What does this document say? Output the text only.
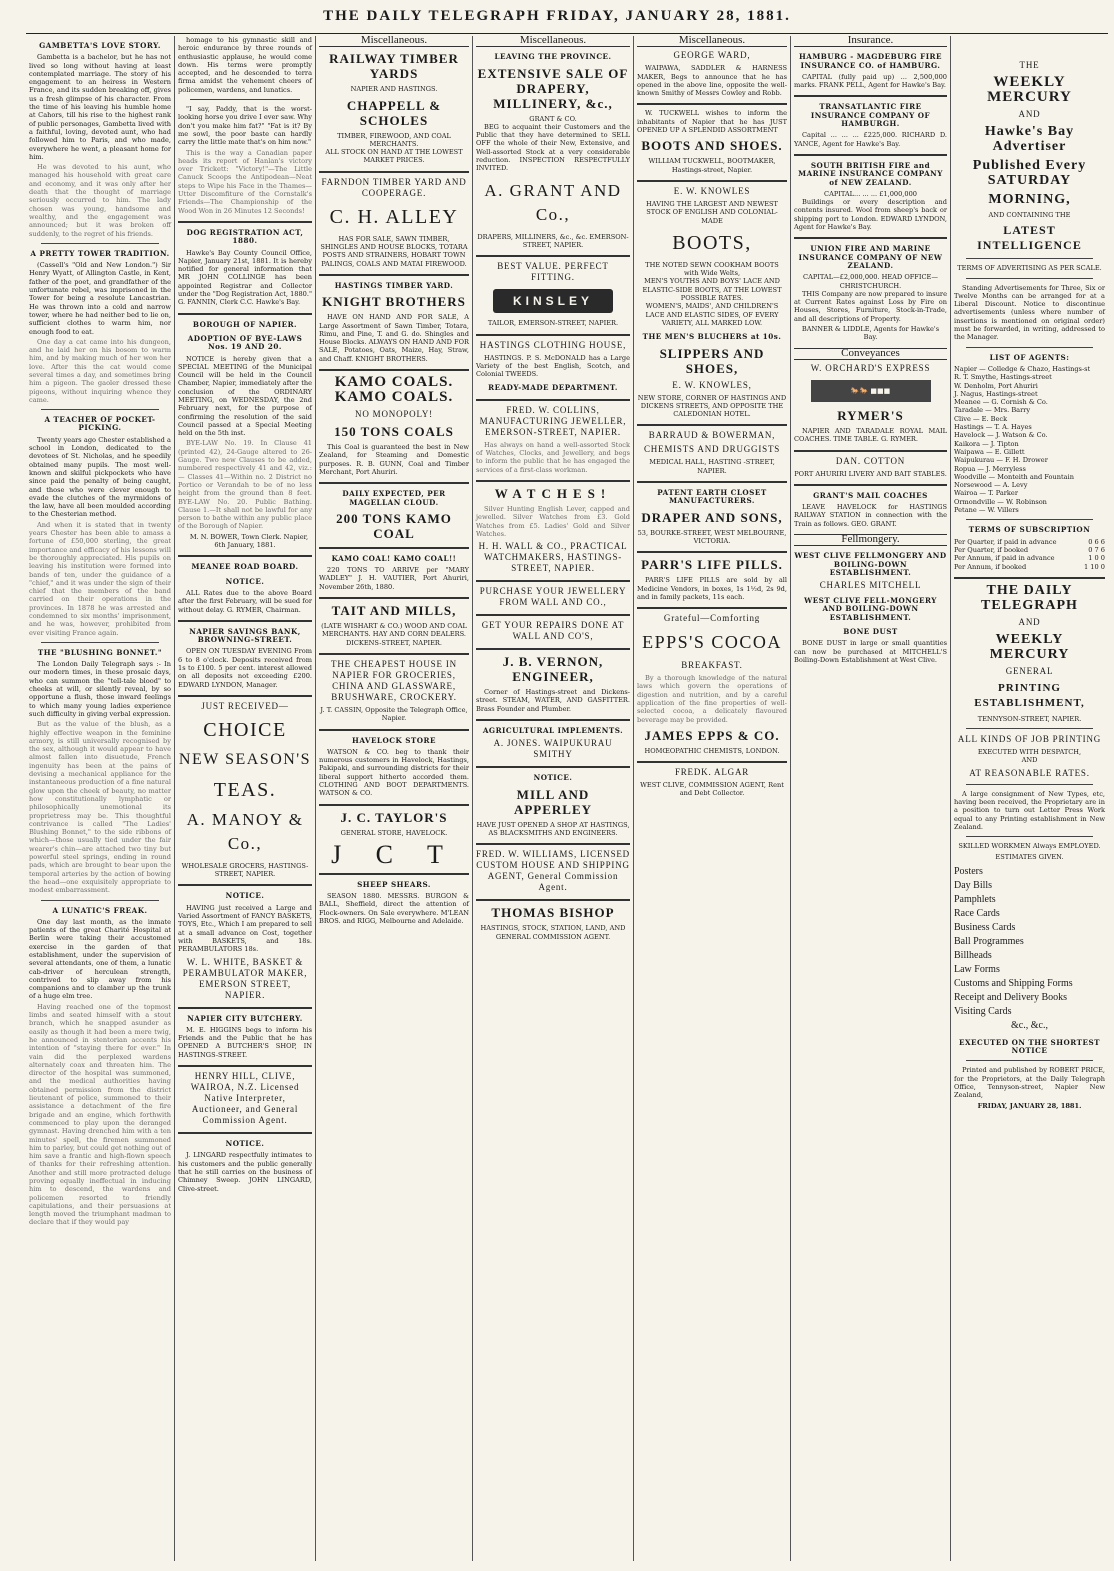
THE DAILY TELEGRAPH FRIDAY, JANUARY 28, 1881.
GAMBETTA'S LOVE STORY.

Gambetta is a bachelor, but he has not lived so long without having at least contemplated marriage. The story of his engagement to an heiress in Western France, and its sudden breaking off, gives us a fresh glimpse of his character. From the time of his leaving his humble home at Cahors, till his rise to the highest rank of public personages, Gambetta lived with a faithful, loving, devoted aunt, who had followed him to Paris, and who made, everywhere he went, a pleasant home for him.

He was devoted to his aunt, who managed his household with great care and economy, and it was only after her death that the thought of marriage seriously occurred to him. The lady chosen was young, handsome and wealthy, and the engagement was announced; but it was broken off suddenly, to the regret of his friends.

A PRETTY TOWER TRADITION.

(Cassell's "Old and New London.") Sir Henry Wyatt, of Allington Castle, in Kent, father of the poet, and grandfather of the unfortunate rebel, was imprisoned in the Tower for being a resolute Lancastrian. He was thrown into a cold and narrow tower, where he had neither bed to lie on, sufficient clothes to warm him, nor enough food to eat.

One day a cat came into his dungeon, and he laid her on his bosom to warm him, and by making much of her won her love. After this the cat would come several times a day, and sometimes bring him a pigeon. The gaoler dressed these pigeons, without inquiring whence they came.

A TEACHER OF POCKET-PICKING.

Twenty years ago Chester established a school in London, dedicated to the devotees of St. Nicholas, and he speedily obtained many pupils. The most well-known and skilful pickpockets who have since paid the penalty of being caught, and those who were clever enough to evade the clutches of the myrmidons of the law, have all been moulded according to the Chesterian method.

And when it is stated that in twenty years Chester has been able to amass a fortune of £50,000 sterling, the great importance and efficacy of his lessons will be thoroughly appreciated. His pupils on leaving his institution were formed into bands of ten, under the guidance of a "chief," and it was under the sign of their chief that the members of the band carried on their operations in the provinces. In 1878 he was arrested and condemned to six months' imprisonment, and he was, however, prohibited from ever visiting France again.

THE "BLUSHING BONNET."

The London Daily Telegraph says :- In our modern times, in these prosaic days, who can summon the "tell-tale blood" to cheeks at will, or silently reveal, by so opportune a flush, those inward feelings to which many young ladies experience such difficulty in giving verbal expression.

But as the value of the blush, as a highly effective weapon in the feminine armory, is still universally recognised by the sex, although it would appear to have almost fallen into disuetude, French ingenuity has been at the pains of devising a mechanical appliance for the instantaneous production of a fine natural glow upon the cheek of beauty, no matter how constitutionally lymphatic or philosophically unemotional its proprietress may be. This thoughtful contrivance is called "The Ladies' Blushing Bonnet," to the side ribbons of which—those usually tied under the fair wearer's chin—are attached two tiny but powerful steel springs, ending in round pads, which are brought to bear upon the temporal arteries by the action of bowing the head—one exquisitely appropriate to modest embarrassment.

A LUNATIC'S FREAK.

One day last month, as the inmate patients of the great Charité Hospital at Berlin were taking their accustomed exercise in the garden of that establishment, under the supervision of several attendants, one of them, a lunatic cab-driver of herculean strength, contrived to slip away from his companions and to clamber up the trunk of a huge elm tree.

Having reached one of the topmost limbs and seated himself with a stout branch, which he snapped asunder as easily as though it had been a mere twig, he announced in stentorian accents his intention of "staying there for ever." In vain did the perplexed wardens alternately coax and threaten him. The director of the hospital was summoned, and the medical authorities having obtained permission from the district lieutenant of police, summoned to their assistance a detachment of the fire brigade and an engine, which forthwith commenced to play upon the deranged gymnast. Having drenched him with a ten minutes' spell, the firemen summoned him to parley, but could get nothing out of him save a frantic and high-flown speech of thanks for their refreshing attention. Another and still more protracted deluge proving equally ineffectual in inducing him to descend, the wardens and policemen resorted to friendly capitulations, and their persuasions at length moved the triumphant madman to declare that if they would pay

homage to his gymnastic skill and heroic endurance by three rounds of enthusiastic applause, he would come down. His terms were promptly accepted, and he descended to terra firma amidst the vehement cheers of policemen, wardens, and lunatics.

"I say, Paddy, that is the worst-looking horse you drive I ever saw. Why don't you make him fat?" "Fat is it? By me sowl, the poor baste can hardly carry the little mate that's on him now."

This is the way a Canadian paper heads its report of Hanlan's victory over Trickett: "Victory!"—The Little Canuck Scoops the Antipodean—Neat steps to Wipe his Face in the Thames—Utter Discomfiture of the Cornstalk's Friends—The Championship of the Wood Won in 26 Minutes 12 Seconds!

DOG REGISTRATION ACT, 1880.

Hawke's Bay County Council Office, Napier, January 21st, 1881. It is hereby notified for general information that MR JOHN COLLINGE has been appointed Registrar and Collector under the "Dog Registration Act, 1880." G. FANNIN, Clerk C.C. Hawke's Bay.

BOROUGH OF NAPIER.
ADOPTION OF BYE-LAWS Nos. 19 AND 20.

NOTICE is hereby given that a SPECIAL MEETING of the Municipal Council will be held in the Council Chamber, Napier, immediately after the conclusion of the ORDINARY MEETING, on WEDNESDAY, the 2nd February next, for the purpose of confirming the resolution of the said Council passed at a Special Meeting held on the 5th inst.

BYE-LAW No. 19. In Clause 41 (printed 42), 24-Gauge altered to 26-Gauge. Two new Clauses to be added, numbered respectively 41 and 42, viz.:— Classes 41—Within no. 2 District no Portico or Verandah to be of no less height from the ground than 8 feet. BYE-LAW No. 20. Public Bathing. Clause 1.—It shall not be lawful for any person to bathe within any public place of the Borough of Napier.

M. N. BOWER, Town Clerk. Napier, 6th January, 1881.

MEANEE ROAD BOARD.
NOTICE.

ALL Rates due to the above Board after the first February, will be sued for without delay. G. RYMER, Chairman.

NAPIER SAVINGS BANK, BROWNING-STREET.

OPEN ON TUESDAY EVENING From 6 to 8 o'clock. Deposits received from 1s to £100. 5 per cent. interest allowed on all deposits not exceeding £200. EDWARD LYNDON, Manager.

JUST RECEIVED—
CHOICE
NEW SEASON'S
TEAS.
A. MANOY & Co.,
WHOLESALE GROCERS, HASTINGS-STREET, NAPIER.
NOTICE.

HAVING just received a Large and Varied Assortment of FANCY BASKETS, TOYS, Etc., Which I am prepared to sell at a small advance on Cost, together with BASKETS, and 18s. PERAMBULATORS 18s.

W. L. WHITE, BASKET & PERAMBULATOR MAKER, EMERSON STREET, NAPIER.
NAPIER CITY BUTCHERY.

M. E. HIGGINS begs to inform his Friends and the Public that he has OPENED A BUTCHER'S SHOP, IN HASTINGS-STREET.

HENRY HILL, CLIVE, WAIROA, N.Z. Licensed Native Interpreter, Auctioneer, and General Commission Agent.
NOTICE.

J. LINGARD respectfully intimates to his customers and the public generally that he still carries on the business of Chimney Sweep. JOHN LINGARD, Clive-street.

Miscellaneous.
RAILWAY TIMBER YARDS
NAPIER AND HASTINGS.
CHAPPELL & SCHOLES
TIMBER, FIREWOOD, AND COAL MERCHANTS.
ALL STOCK ON HAND AT THE LOWEST MARKET PRICES.
FARNDON TIMBER YARD AND COOPERAGE.
C. H. ALLEY
HAS FOR SALE, SAWN TIMBER, SHINGLES AND HOUSE BLOCKS, TOTARA POSTS AND STRAINERS, HOBART TOWN PALINGS, COALS AND MATAI FIREWOOD.
HASTINGS TIMBER YARD.
KNIGHT BROTHERS

HAVE ON HAND AND FOR SALE, A Large Assortment of Sawn Timber, Totara, Rimu, and Pine, T. and G. do. Shingles and House Blocks. ALWAYS ON HAND AND FOR SALE, Potatoes, Oats, Maize, Hay, Straw, and Chaff. KNIGHT BROTHERS.

KAMO COALS. KAMO COALS.
NO MONOPOLY!
150 TONS COALS

This Coal is guaranteed the best in New Zealand, for Steaming and Domestic purposes. R. B. GUNN, Coal and Timber Merchant, Port Ahuriri.

DAILY EXPECTED, PER MAGELLAN CLOUD.
200 TONS KAMO COAL
KAMO COAL! KAMO COAL!!

220 TONS TO ARRIVE per "MARY WADLEY" J. H. VAUTIER, Port Ahuriri, November 26th, 1880.

TAIT AND MILLS,
(LATE WISHART & CO.) WOOD AND COAL MERCHANTS. HAY AND CORN DEALERS. DICKENS-STREET, NAPIER.
THE CHEAPEST HOUSE IN NAPIER FOR GROCERIES, CHINA AND GLASSWARE, BRUSHWARE, CROCKERY.
J. T. CASSIN, Opposite the Telegraph Office, Napier.
HAVELOCK STORE

WATSON & CO. beg to thank their numerous customers in Havelock, Hastings, Pakipaki, and surrounding districts for their liberal support hitherto accorded them. CLOTHING AND BOOT DEPARTMENTS. WATSON & CO.

J. C. TAYLOR'S
GENERAL STORE, HAVELOCK.
J C T
SHEEP SHEARS.

SEASON 1880. MESSRS. BURGON & BALL, Sheffield, direct the attention of Flock-owners. On Sale everywhere. M'LEAN BROS. and RIGG, Melbourne and Adelaide.

Miscellaneous.
LEAVING THE PROVINCE.
EXTENSIVE SALE OF DRAPERY, MILLINERY, &c.,
GRANT & CO.

BEG to acquaint their Customers and the Public that they have determined to SELL OFF the whole of their New, Extensive, and Well-assorted Stock at a very considerable reduction. INSPECTION RESPECTFULLY INVITED.

A. GRANT AND Co.,
DRAPERS, MILLINERS, &c., &c. EMERSON-STREET, NAPIER.
BEST VALUE. PERFECT FITTING.
KINSLEY
TAILOR, EMERSON-STREET, NAPIER.
HASTINGS CLOTHING HOUSE,

HASTINGS. P. S. McDONALD has a Large Variety of the best English, Scotch, and Colonial TWEEDS.

READY-MADE DEPARTMENT.
FRED. W. COLLINS, MANUFACTURING JEWELLER, EMERSON-STREET, NAPIER.

Has always on hand a well-assorted Stock of Watches, Clocks, and Jewellery, and begs to inform the public that he has engaged the services of a first-class workman.

WATCHES!

Silver Hunting English Lever, capped and jewelled. Silver Watches from £3. Gold Watches from £5. Ladies' Gold and Silver Watches.

H. H. WALL & CO., PRACTICAL WATCHMAKERS, HASTINGS-STREET, NAPIER.
PURCHASE YOUR JEWELLERY FROM WALL AND CO.,
GET YOUR REPAIRS DONE AT WALL AND CO'S,
J. B. VERNON, ENGINEER,

Corner of Hastings-street and Dickens-street. STEAM, WATER, AND GASFITTER. Brass Founder and Plumber.

AGRICULTURAL IMPLEMENTS.
A. JONES. WAIPUKURAU SMITHY
NOTICE.
MILL AND APPERLEY
HAVE JUST OPENED A SHOP AT HASTINGS, AS BLACKSMITHS AND ENGINEERS.
FRED. W. WILLIAMS, LICENSED CUSTOM HOUSE AND SHIPPING AGENT, General Commission Agent.
THOMAS BISHOP
HASTINGS, STOCK, STATION, LAND, AND GENERAL COMMISSION AGENT.
Miscellaneous.
GEORGE WARD,

WAIPAWA, SADDLER & HARNESS MAKER, Begs to announce that he has opened in the above line, opposite the well-known Smithy of Messrs Cowley and Robb.

W. TUCKWELL wishes to inform the inhabitants of Napier that he has JUST OPENED UP A SPLENDID ASSORTMENT

BOOTS AND SHOES.
WILLIAM TUCKWELL, BOOTMAKER, Hastings-street, Napier.
E. W. KNOWLES
HAVING THE LARGEST AND NEWEST STOCK OF ENGLISH AND COLONIAL-MADE
BOOTS,
THE NOTED SEWN COOKHAM BOOTS with Wide Welts,
MEN'S YOUTHS AND BOYS' LACE AND ELASTIC-SIDE BOOTS, AT THE LOWEST POSSIBLE RATES.
WOMEN'S, MAIDS', AND CHILDREN'S LACE AND ELASTIC SIDES, OF EVERY VARIETY, ALL MARKED LOW.
THE MEN'S BLUCHERS at 10s.
SLIPPERS AND SHOES,
E. W. KNOWLES,
NEW STORE, CORNER OF HASTINGS AND DICKENS STREETS, AND OPPOSITE THE CALEDONIAN HOTEL.
BARRAUD & BOWERMAN,
CHEMISTS AND DRUGGISTS
MEDICAL HALL, HASTING -STREET, NAPIER.
PATENT EARTH CLOSET MANUFACTURERS.
DRAPER AND SONS,
53, BOURKE-STREET, WEST MELBOURNE, VICTORIA.
PARR'S LIFE PILLS.

PARR'S LIFE PILLS are sold by all Medicine Vendors, in boxes, 1s 1½d, 2s 9d, and in family packets, 11s each.

Grateful—Comforting
EPPS'S COCOA
BREAKFAST.

By a thorough knowledge of the natural laws which govern the operations of digestion and nutrition, and by a careful application of the fine properties of well-selected cocoa, a delicately flavoured beverage may be provided.

JAMES EPPS & CO.
HOMŒOPATHIC CHEMISTS, LONDON.
FREDK. ALGAR
WEST CLIVE, COMMISSION AGENT, Rent and Debt Collector.
Insurance.
HAMBURG - MAGDEBURG FIRE INSURANCE CO. of HAMBURG.

CAPITAL (fully paid up) ... 2,500,000 marks. FRANK PELL, Agent for Hawke's Bay.

TRANSATLANTIC FIRE INSURANCE COMPANY OF HAMBURGH.

Capital ... ... ... £225,000. RICHARD D. YANCE, Agent for Hawke's Bay.

SOUTH BRITISH FIRE and MARINE INSURANCE COMPANY of NEW ZEALAND.
CAPITAL... ... ... £1,000,000

Buildings or every description and contents insured. Wool from sheep's back or shipping port to London. EDWARD LYNDON, Agent for Hawke's Bay.

UNION FIRE AND MARINE INSURANCE COMPANY OF NEW ZEALAND.
CAPITAL—£2,000,000. HEAD OFFICE—CHRISTCHURCH.

THIS Company are now prepared to insure at Current Rates against Loss by Fire on Houses, Stores, Furniture, Stock-in-Trade, and all descriptions of Property.

BANNER & LIDDLE, Agents for Hawke's Bay.
Conveyances
W. ORCHARD'S EXPRESS
🐎🐎 ■■■
RYMER'S

NAPIER AND TARADALE ROYAL MAIL COACHES. TIME TABLE. G. RYMER.

DAN. COTTON
PORT AHURIRI LIVERY AND BAIT STABLES.
GRANT'S MAIL COACHES

LEAVE HAVELOCK for HASTINGS RAILWAY STATION in connection with the Train as follows. GEO. GRANT.

Fellmongery.
WEST CLIVE FELLMONGERY AND BOILING-DOWN ESTABLISHMENT.
CHARLES MITCHELL
WEST CLIVE FELL-MONGERY AND BOILING-DOWN ESTABLISHMENT.
BONE DUST

BONE DUST in large or small quantities can now be purchased at MITCHELL'S Boiling-Down Establishment at West Clive.

THE
WEEKLY MERCURY
AND
Hawke's Bay Advertiser
Published Every SATURDAY
MORNING,
AND CONTAINING THE
LATEST INTELLIGENCE
TERMS OF ADVERTISING AS PER SCALE.

Standing Advertisements for Three, Six or Twelve Months can be arranged for at a Liberal Discount. Notice to discontinue advertisements (unless where number of insertions is mentioned on original order) must be forwarded, in writing, addressed to the Manager.

LIST OF AGENTS:
Napier — Colledge & Chazo, Hastings-st
R. T. Smythe, Hastings-street
W. Denholm, Port Ahuriri
J. Nagus, Hastings-street
Meanee — G. Cornish & Co.
Taradale — Mrs. Barry
Clive — E. Beck
Hastings — T. A. Hayes
Havelock — J. Watson & Co.
Kaikora — J. Tipton
Waipawa — E. Gillett
Waipukurau — F. H. Drower
Ropua — J. Merryless
Woodville — Monteith and Fountain
Norsewood — A. Levy
Wairoa — T. Parker
Ormondville — W. Robinson
Petane — W. Villers
TERMS OF SUBSCRIPTION
Per Quarter, if paid in advance	0 6 6
Per Quarter, if booked	0 7 6
Per Annum, if paid in advance	1 0 0
Per Annum, if booked	1 10 0
THE DAILY TELEGRAPH
AND
WEEKLY MERCURY
GENERAL
PRINTING ESTABLISHMENT,
TENNYSON-STREET, NAPIER.
ALL KINDS OF JOB PRINTING
EXECUTED WITH DESPATCH,
AND
AT REASONABLE RATES.

A large consignment of New Types, etc, having been received, the Proprietary are in a position to turn out Letter Press Work equal to any Printing establishment in New Zealand.

SKILLED WORKMEN Always EMPLOYED.
ESTIMATES GIVEN.
Posters
Day Bills
Pamphlets
Race Cards
Business Cards
Ball Programmes
Billheads
Law Forms
Customs and Shipping Forms
Receipt and Delivery Books
Visiting Cards
&c., &c.,
EXECUTED ON THE SHORTEST NOTICE

Printed and published by ROBERT PRICE, for the Proprietors, at the Daily Telegraph Office, Tennyson-street, Napier New Zealand,

FRIDAY, JANUARY 28, 1881.
